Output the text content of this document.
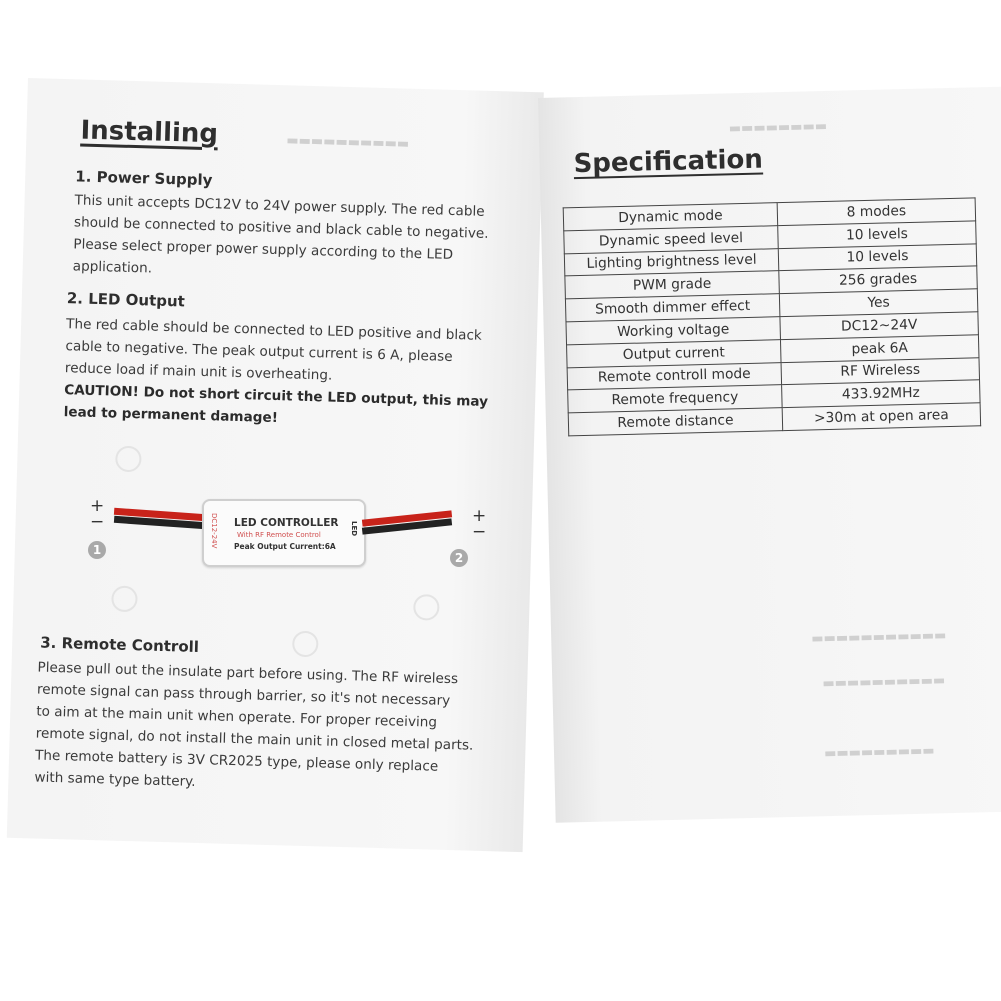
▬▬▬▬▬▬▬▬▬▬
Installing
1. Power Supply
This unit accepts DC12V to 24V power supply. The red cable
should be connected to positive and black cable to negative.
Please select proper power supply according to the LED
application.
2. LED Output
The red cable should be connected to LED positive and black
cable to negative. The peak output current is 6 A, please
reduce load if main unit is overheating.
CAUTION! Do not short circuit the LED output, this may
lead to permanent damage!
3. Remote Controll
Please pull out the insulate part before using. The RF wireless
remote signal can pass through barrier, so it's not necessary
to aim at the main unit when operate. For proper receiving
remote signal, do not install the main unit in closed metal parts.
The remote battery is 3V CR2025 type, please only replace
with same type battery.
+
−
1
DC12-24V LED CONTROLLER
With RF Remote Control
Peak Output Current:6A
LED
+
−
2
▬▬▬▬▬▬▬▬
▬▬▬▬▬▬▬▬▬▬▬
▬▬▬▬▬▬▬▬▬▬
▬▬▬▬▬▬▬▬▬
Specification
Dynamic mode	8 modes
Dynamic speed level	10 levels
Lighting brightness level	10 levels
PWM grade	256 grades
Smooth dimmer effect	Yes
Working voltage	DC12~24V
Output current	peak 6A
Remote controll mode	RF Wireless
Remote frequency	433.92MHz
Remote distance	>30m at open area
